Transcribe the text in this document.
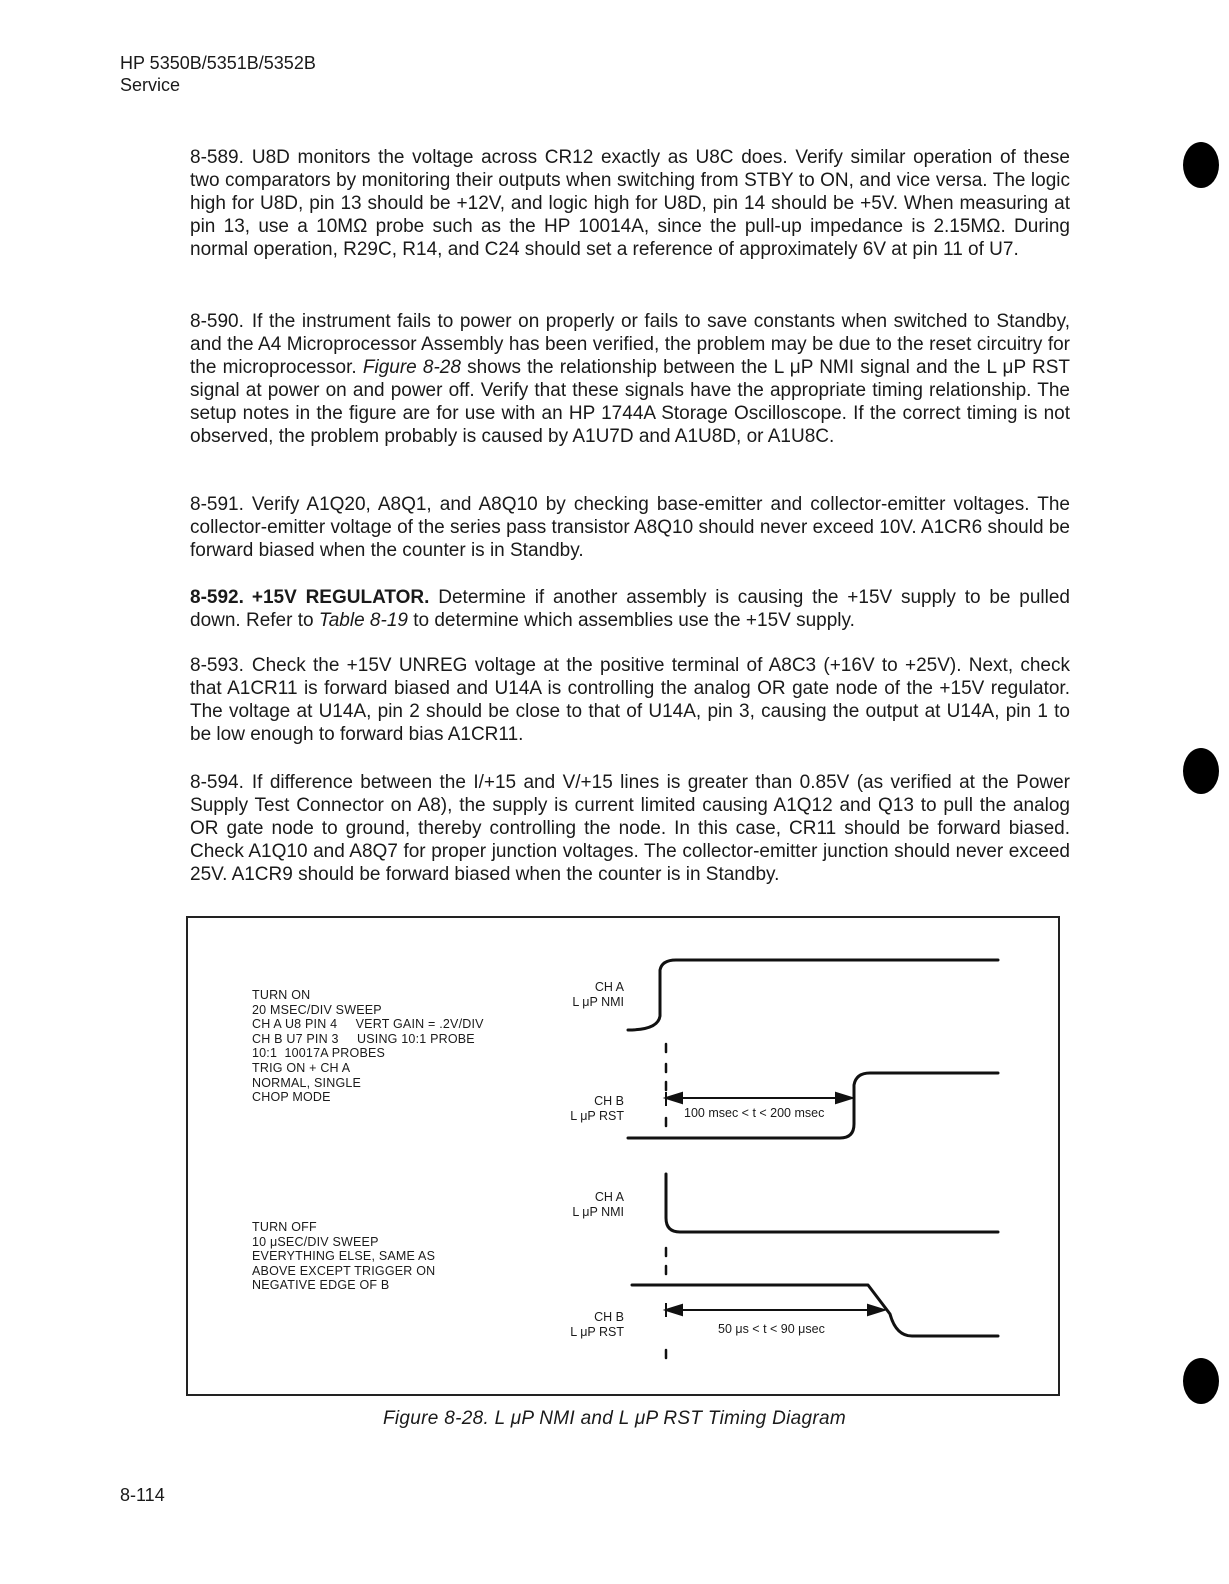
HP 5350B/5351B/5352B
Service

8-589. U8D monitors the voltage across CR12 exactly as U8C does. Verify similar operation of these two comparators by monitoring their outputs when switching from STBY to ON, and vice versa. The logic high for U8D, pin 13 should be +12V, and logic high for U8D, pin 14 should be +5V. When measuring at pin 13, use a 10MΩ probe such as the HP 10014A, since the pull-up impedance is 2.15MΩ. During normal operation, R29C, R14, and C24 should set a reference of approximately 6V at pin 11 of U7.

8-590. If the instrument fails to power on properly or fails to save constants when switched to Standby, and the A4 Microprocessor Assembly has been verified, the problem may be due to the reset circuitry for the microprocessor. Figure 8-28 shows the relationship between the L μP NMI signal and the L μP RST signal at power on and power off. Verify that these signals have the appropriate timing relationship. The setup notes in the figure are for use with an HP 1744A Storage Oscilloscope. If the correct timing is not observed, the problem probably is caused by A1U7D and A1U8D, or A1U8C.

8-591. Verify A1Q20, A8Q1, and A8Q10 by checking base-emitter and collector-emitter voltages. The collector-emitter voltage of the series pass transistor A8Q10 should never exceed 10V. A1CR6 should be forward biased when the counter is in Standby.

8-592. +15V REGULATOR. Determine if another assembly is causing the +15V supply to be pulled down. Refer to Table 8-19 to determine which assemblies use the +15V supply.

8-593. Check the +15V UNREG voltage at the positive terminal of A8C3 (+16V to +25V). Next, check that A1CR11 is forward biased and U14A is controlling the analog OR gate node of the +15V regulator. The voltage at U14A, pin 2 should be close to that of U14A, pin 3, causing the output at U14A, pin 1 to be low enough to forward bias A1CR11.

8-594. If difference between the I/+15 and V/+15 lines is greater than 0.85V (as verified at the Power Supply Test Connector on A8), the supply is current limited causing A1Q12 and Q13 to pull the analog OR gate node to ground, thereby controlling the node. In this case, CR11 should be forward biased. Check A1Q10 and A8Q7 for proper junction voltages. The collector-emitter junction should never exceed 25V. A1CR9 should be forward biased when the counter is in Standby.

TURN ON
20 MSEC/DIV SWEEP
CH A U8 PIN 4     VERT GAIN = .2V/DIV
CH B U7 PIN 3     USING 10:1 PROBE
10:1  10017A PROBES
TRIG ON + CH A
NORMAL, SINGLE
CHOP MODE
TURN OFF
10 μSEC/DIV SWEEP
EVERYTHING ELSE, SAME AS
ABOVE EXCEPT TRIGGER ON
NEGATIVE EDGE OF B
CH A
L μP NMI
CH B
L μP RST
CH A
L μP NMI
CH B
L μP RST
100 msec < t < 200 msec
50 μs < t < 90 μsec
Figure 8-28. L μP NMI and L μP RST Timing Diagram
8-114
